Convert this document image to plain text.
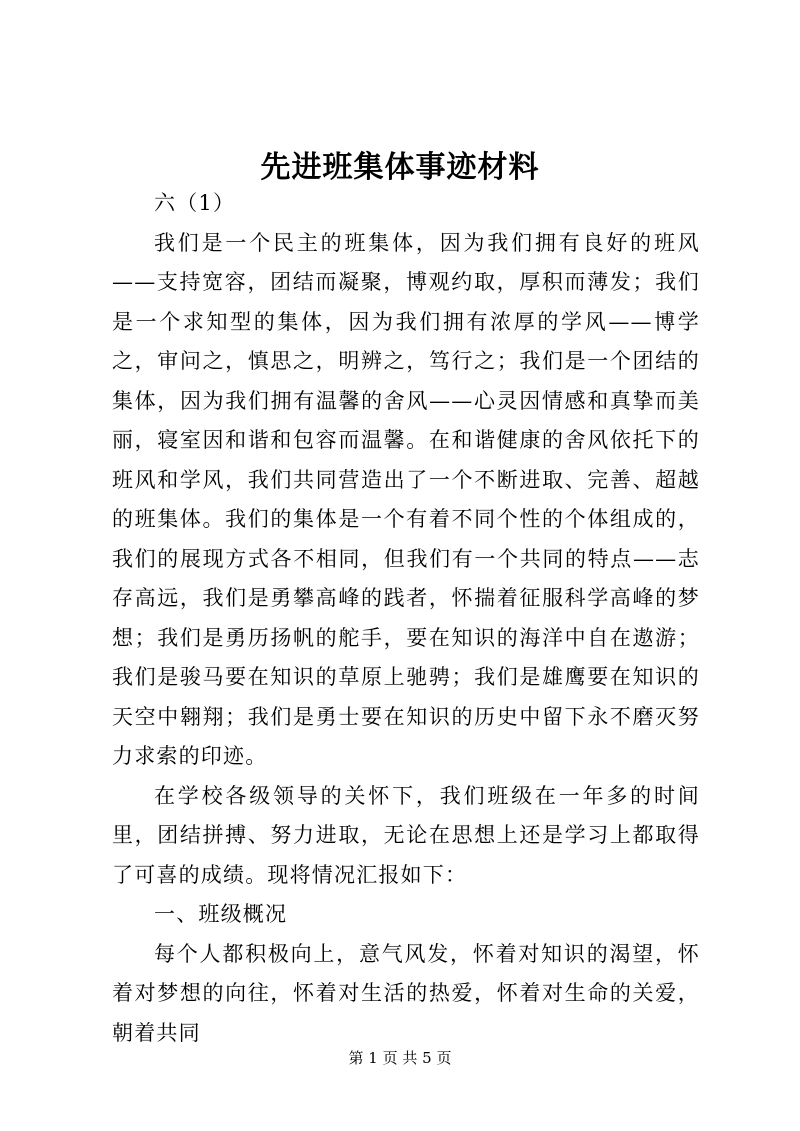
先进班集体事迹材料

六（1）

我们是一个民主的班集体，因为我们拥有良好的班风——支持宽容，团结而凝聚，博观约取，厚积而薄发；我们是一个求知型的集体，因为我们拥有浓厚的学风——博学之，审问之，慎思之，明辨之，笃行之；我们是一个团结的集体，因为我们拥有温馨的舍风——心灵因情感和真挚而美丽，寝室因和谐和包容而温馨。在和谐健康的舍风依托下的班风和学风，我们共同营造出了一个不断进取、完善、超越的班集体。我们的集体是一个有着不同个性的个体组成的，我们的展现方式各不相同，但我们有一个共同的特点——志存高远，我们是勇攀高峰的践者，怀揣着征服科学高峰的梦想；我们是勇历扬帆的舵手，要在知识的海洋中自在遨游；我们是骏马要在知识的草原上驰骋；我们是雄鹰要在知识的天空中翱翔；我们是勇士要在知识的历史中留下永不磨灭努力求索的印迹。

在学校各级领导的关怀下，我们班级在一年多的时间里，团结拼搏、努力进取，无论在思想上还是学习上都取得了可喜的成绩。现将情况汇报如下：

一、班级概况

每个人都积极向上，意气风发，怀着对知识的渴望，怀着对梦想的向往，怀着对生活的热爱，怀着对生命的关爱，朝着共同

第 1 页 共 5 页
